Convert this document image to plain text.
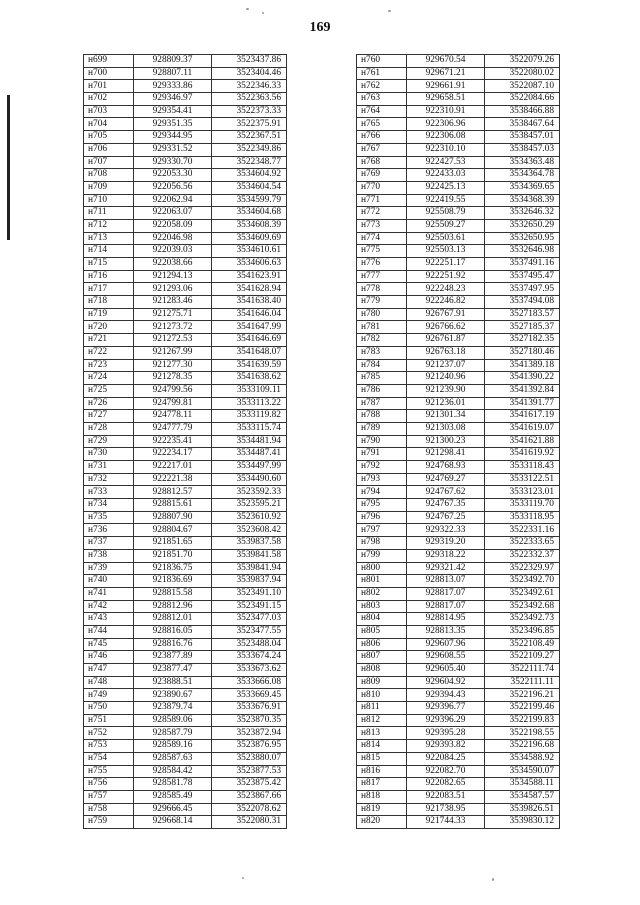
169
н699	928809.37	3523437.86
н700	928807.11	3523404.46
н701	929333.86	3522346.33
н702	929346.97	3522363.56
н703	929354.41	3522373.33
н704	929351.35	3522375.91
н705	929344.95	3522367.51
н706	929331.52	3522349.86
н707	929330.70	3522348.77
н708	922053.30	3534604.92
н709	922056.56	3534604.54
н710	922062.94	3534599.79
н711	922063.07	3534604.68
н712	922058.09	3534608.39
н713	922046.98	3534609.69
н714	922039.03	3534610.61
н715	922038.66	3534606.63
н716	921294.13	3541623.91
н717	921293.06	3541628.94
н718	921283.46	3541638.40
н719	921275.71	3541646.04
н720	921273.72	3541647.99
н721	921272.53	3541646.69
н722	921267.99	3541648.07
н723	921277.30	3541639.59
н724	921278.35	3541638.62
н725	924799.56	3533109.11
н726	924799.81	3533113.22
н727	924778.11	3533119.82
н728	924777.79	3533115.74
н729	922235.41	3534481.94
н730	922234.17	3534487.41
н731	922217.01	3534497.99
н732	922221.38	3534490.60
н733	928812.57	3523592.33
н734	928815.61	3523595.21
н735	928807.90	3523610.92
н736	928804.67	3523608.42
н737	921851.65	3539837.58
н738	921851.70	3539841.58
н739	921836.75	3539841.94
н740	921836.69	3539837.94
н741	928815.58	3523491.10
н742	928812.96	3523491.15
н743	928812.01	3523477.03
н744	928816.05	3523477.55
н745	928816.76	3523488.04
н746	923877.89	3533674.24
н747	923877.47	3533673.62
н748	923888.51	3533666.08
н749	923890.67	3533669.45
н750	923879.74	3533676.91
н751	928589.06	3523870.35
н752	928587.79	3523872.94
н753	928589.16	3523876.95
н754	928587.63	3523880.07
н755	928584.42	3523877.53
н756	928581.78	3523875.42
н757	928585.49	3523867.66
н758	929666.45	3522078.62
н759	929668.14	3522080.31
н760	929670.54	3522079.26
н761	929671.21	3522080.02
н762	929661.91	3522087.10
н763	929658.51	3522084.66
н764	922310.91	3538466.88
н765	922306.96	3538467.64
н766	922306.08	3538457.01
н767	922310.10	3538457.03
н768	922427.53	3534363.48
н769	922433.03	3534364.78
н770	922425.13	3534369.65
н771	922419.55	3534368.39
н772	925508.79	3532646.32
н773	925509.27	3532650.29
н774	925503.61	3532650.95
н775	925503.13	3532646.98
н776	922251.17	3537491.16
н777	922251.92	3537495.47
н778	922248.23	3537497.95
н779	922246.82	3537494.08
н780	926767.91	3527183.57
н781	926766.62	3527185.37
н782	926761.87	3527182.35
н783	926763.18	3527180.46
н784	921237.07	3541389.18
н785	921240.96	3541390.22
н786	921239.90	3541392.84
н787	921236.01	3541391.77
н788	921301.34	3541617.19
н789	921303.08	3541619.07
н790	921300.23	3541621.88
н791	921298.41	3541619.92
н792	924768.93	3533118.43
н793	924769.27	3533122.51
н794	924767.62	3533123.01
н795	924767.35	3533119.70
н796	924767.25	3533118.95
н797	929322.33	3522331.16
н798	929319.20	3522333.65
н799	929318.22	3522332.37
н800	929321.42	3522329.97
н801	928813.07	3523492.70
н802	928817.07	3523492.61
н803	928817.07	3523492.68
н804	928814.95	3523492.73
н805	928813.35	3523496.85
н806	929607.96	3522108.49
н807	929608.55	3522109.27
н808	929605.40	3522111.74
н809	929604.92	3522111.11
н810	929394.43	3522196.21
н811	929396.77	3522199.46
н812	929396.29	3522199.83
н813	929395.28	3522198.55
н814	929393.82	3522196.68
н815	922084.25	3534588.92
н816	922082.70	3534590.07
н817	922082.65	3534588.11
н818	922083.51	3534587.57
н819	921738.95	3539826.51
н820	921744.33	3539830.12
